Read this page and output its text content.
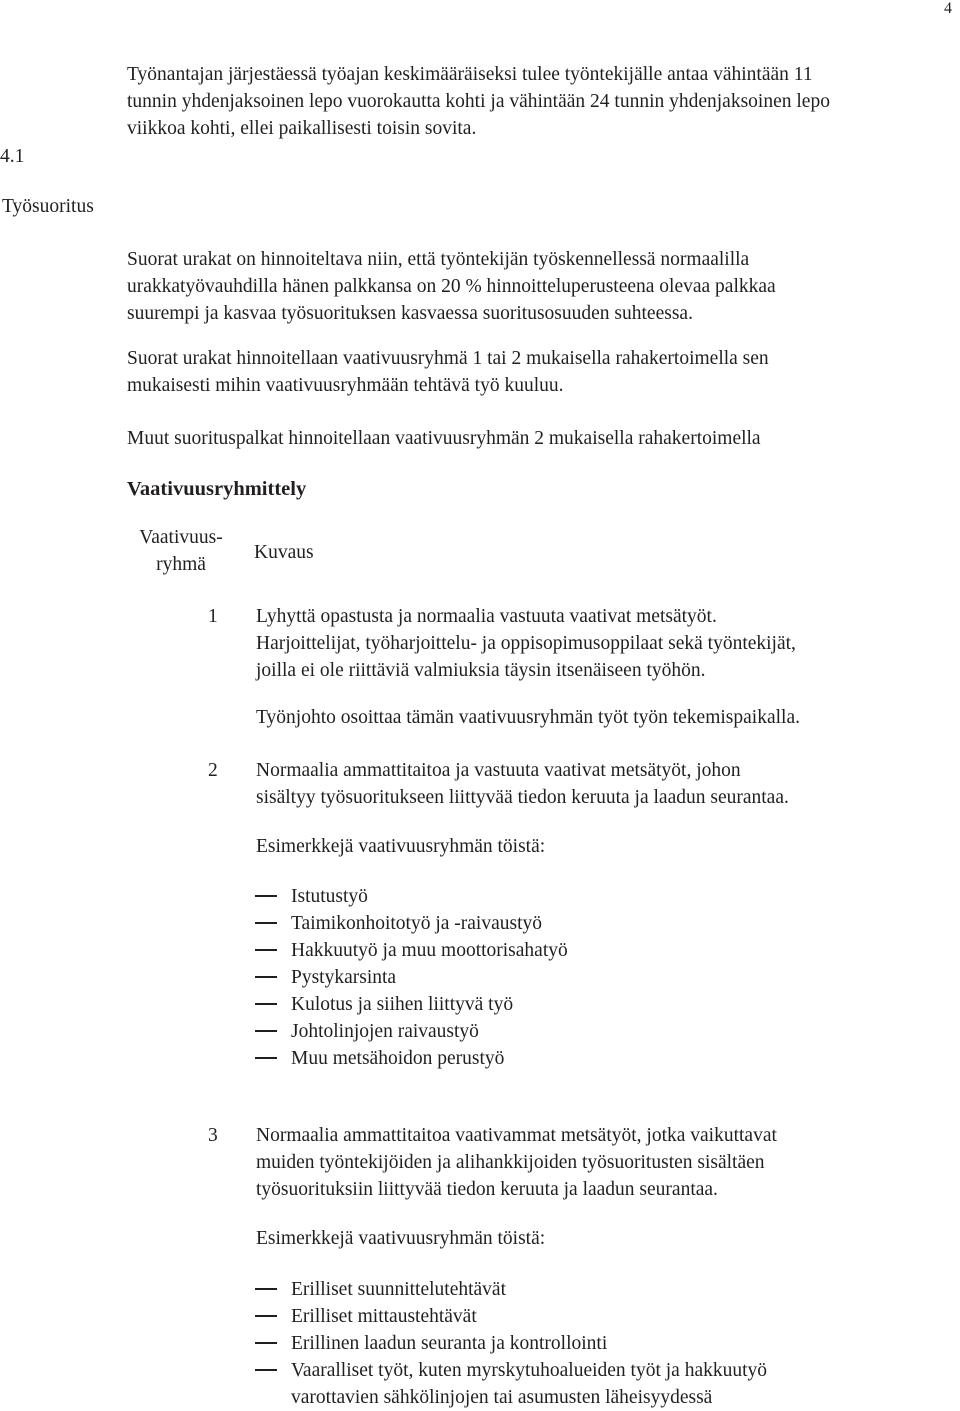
4
4.1
Työsuoritus
Työnantajan järjestäessä työajan keskimääräiseksi tulee työntekijälle antaa vähintään 11
tunnin yhdenjaksoinen lepo vuorokautta kohti ja vähintään 24 tunnin yhdenjaksoinen lepo
viikkoa kohti, ellei paikallisesti toisin sovita.
Suorat urakat on hinnoiteltava niin, että työntekijän työskennellessä normaalilla
urakkatyövauhdilla hänen palkkansa on 20 % hinnoitteluperusteena olevaa palkkaa
suurempi ja kasvaa työsuorituksen kasvaessa suoritusosuuden suhteessa.
Suorat urakat hinnoitellaan vaativuusryhmä 1 tai 2 mukaisella rahakertoimella sen
mukaisesti mihin vaativuusryhmään tehtävä työ kuuluu.
Muut suorituspalkat hinnoitellaan vaativuusryhmän 2 mukaisella rahakertoimella
Vaativuusryhmittely
Vaativuus-
ryhmä
Kuvaus
1 Lyhyttä opastusta ja normaalia vastuuta vaativat metsätyöt.
Harjoittelijat, työharjoittelu- ja oppisopimusoppilaat sekä työntekijät,
joilla ei ole riittäviä valmiuksia täysin itsenäiseen työhön.
Työnjohto osoittaa tämän vaativuusryhmän työt työn tekemispaikalla.
2 Normaalia ammattitaitoa ja vastuuta vaativat metsätyöt, johon
sisältyy työsuoritukseen liittyvää tiedon keruuta ja laadun seurantaa.
Esimerkkejä vaativuusryhmän töistä:
Istutustyö
Taimikonhoitotyö ja -raivaustyö
Hakkuutyö ja muu moottorisahatyö
Pystykarsinta
Kulotus ja siihen liittyvä työ
Johtolinjojen raivaustyö
Muu metsähoidon perustyö
3 Normaalia ammattitaitoa vaativammat metsätyöt, jotka vaikuttavat
muiden työntekijöiden ja alihankkijoiden työsuoritusten sisältäen
työsuorituksiin liittyvää tiedon keruuta ja laadun seurantaa.
Esimerkkejä vaativuusryhmän töistä:
Erilliset suunnittelutehtävät
Erilliset mittaustehtävät
Erillinen laadun seuranta ja kontrollointi
Vaaralliset työt, kuten myrskytuhoalueiden työt ja hakkuutyö
varottavien sähkölinjojen tai asumusten läheisyydessä
